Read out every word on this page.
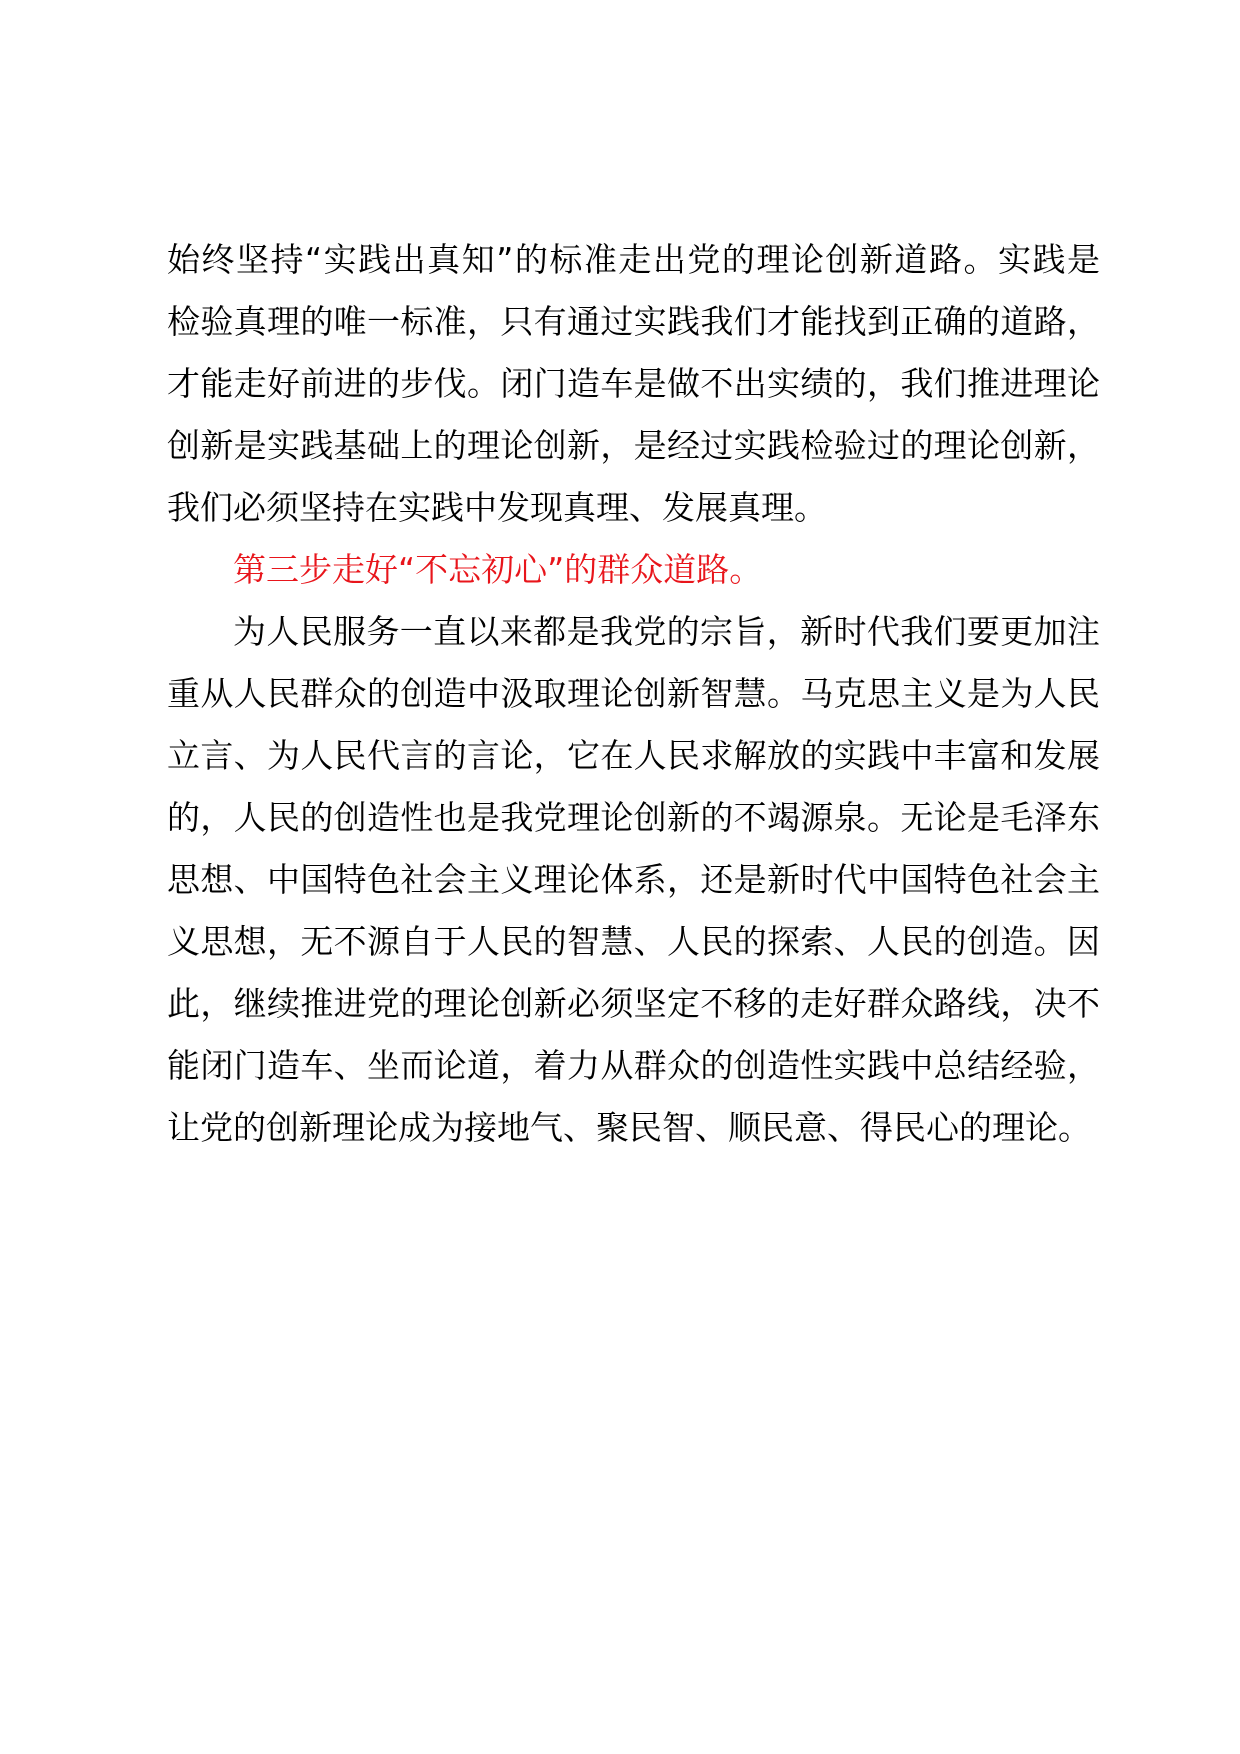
始终坚持“实践出真知”的标准走出党的理论创新道路。实践是
检验真理的唯一标准，只有通过实践我们才能找到正确的道路，
才能走好前进的步伐。闭门造车是做不出实绩的，我们推进理论
创新是实践基础上的理论创新，是经过实践检验过的理论创新，
我们必须坚持在实践中发现真理、发展真理。
第三步走好“不忘初心”的群众道路。
为人民服务一直以来都是我党的宗旨，新时代我们要更加注
重从人民群众的创造中汲取理论创新智慧。马克思主义是为人民
立言、为人民代言的言论，它在人民求解放的实践中丰富和发展
的，人民的创造性也是我党理论创新的不竭源泉。无论是毛泽东
思想、中国特色社会主义理论体系，还是新时代中国特色社会主
义思想，无不源自于人民的智慧、人民的探索、人民的创造。因
此，继续推进党的理论创新必须坚定不移的走好群众路线，决不
能闭门造车、坐而论道，着力从群众的创造性实践中总结经验，
让党的创新理论成为接地气、聚民智、顺民意、得民心的理论。
